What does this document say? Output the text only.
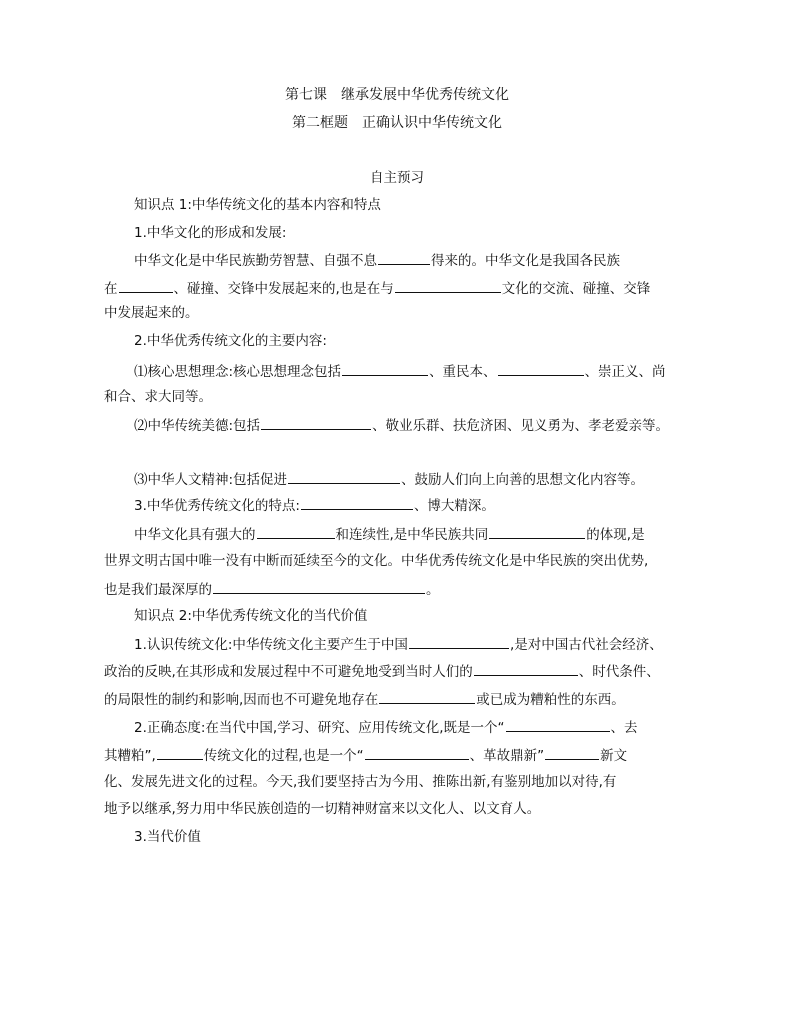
第七课　继承发展中华优秀传统文化
第二框题　正确认识中华传统文化
自主预习
知识点 1:中华传统文化的基本内容和特点
1.中华文化的形成和发展:
中华文化是中华民族勤劳智慧、自强不息	得来的。中华文化是我国各民族
在	、碰撞、交锋中发展起来的,也是在与	文化的交流、碰撞、交锋
中发展起来的。
2.中华优秀传统文化的主要内容:
⑴核心思想理念:核心思想理念包括	、重民本、	、崇正义、尚
和合、求大同等。
⑵中华传统美德:包括	、敬业乐群、扶危济困、见义勇为、孝老爱亲等。
⑶中华人文精神:包括促进	、鼓励人们向上向善的思想文化内容等。
3.中华优秀传统文化的特点:	、博大精深。
中华文化具有强大的	和连续性,是中华民族共同	的体现,是
世界文明古国中唯一没有中断而延续至今的文化。中华优秀传统文化是中华民族的突出优势,
也是我们最深厚的	。
知识点 2:中华优秀传统文化的当代价值
1.认识传统文化:中华传统文化主要产生于中国	,是对中国古代社会经济、
政治的反映,在其形成和发展过程中不可避免地受到当时人们的	、时代条件、
的局限性的制约和影响,因而也不可避免地存在	或已成为糟粕性的东西。
2.正确态度:在当代中国,学习、研究、应用传统文化,既是一个“	、去
其糟粕”,	传统文化的过程,也是一个“	、革故鼎新”	新文
化、发展先进文化的过程。今天,我们要坚持古为今用、推陈出新,有鉴别地加以对待,有
地予以继承,努力用中华民族创造的一切精神财富来以文化人、以文育人。
3.当代价值
